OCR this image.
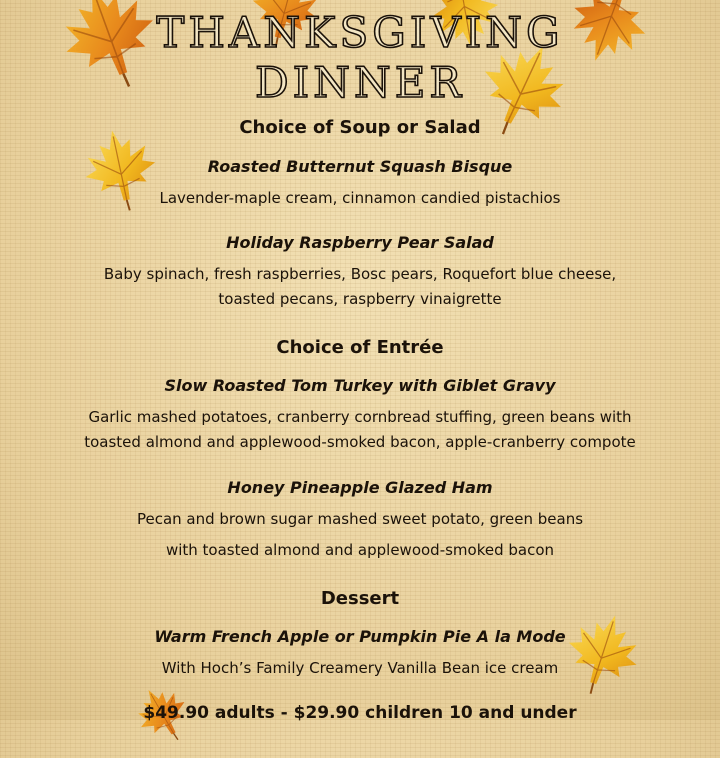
THANKSGIVING
DINNER

Choice of Soup or Salad

Roasted Butternut Squash Bisque

Lavender-maple cream, cinnamon candied pistachios

Holiday Raspberry Pear Salad

Baby spinach, fresh raspberries, Bosc pears, Roquefort blue cheese,

toasted pecans, raspberry vinaigrette

Choice of Entrée

Slow Roasted Tom Turkey with Giblet Gravy

Garlic mashed potatoes, cranberry cornbread stuffing, green beans with

toasted almond and applewood-smoked bacon, apple-cranberry compote

Honey Pineapple Glazed Ham

Pecan and brown sugar mashed sweet potato, green beans

with toasted almond and applewood-smoked bacon

Dessert

Warm French Apple or Pumpkin Pie A la Mode

With Hoch’s Family Creamery Vanilla Bean ice cream

$49.90 adults - $29.90 children 10 and under
